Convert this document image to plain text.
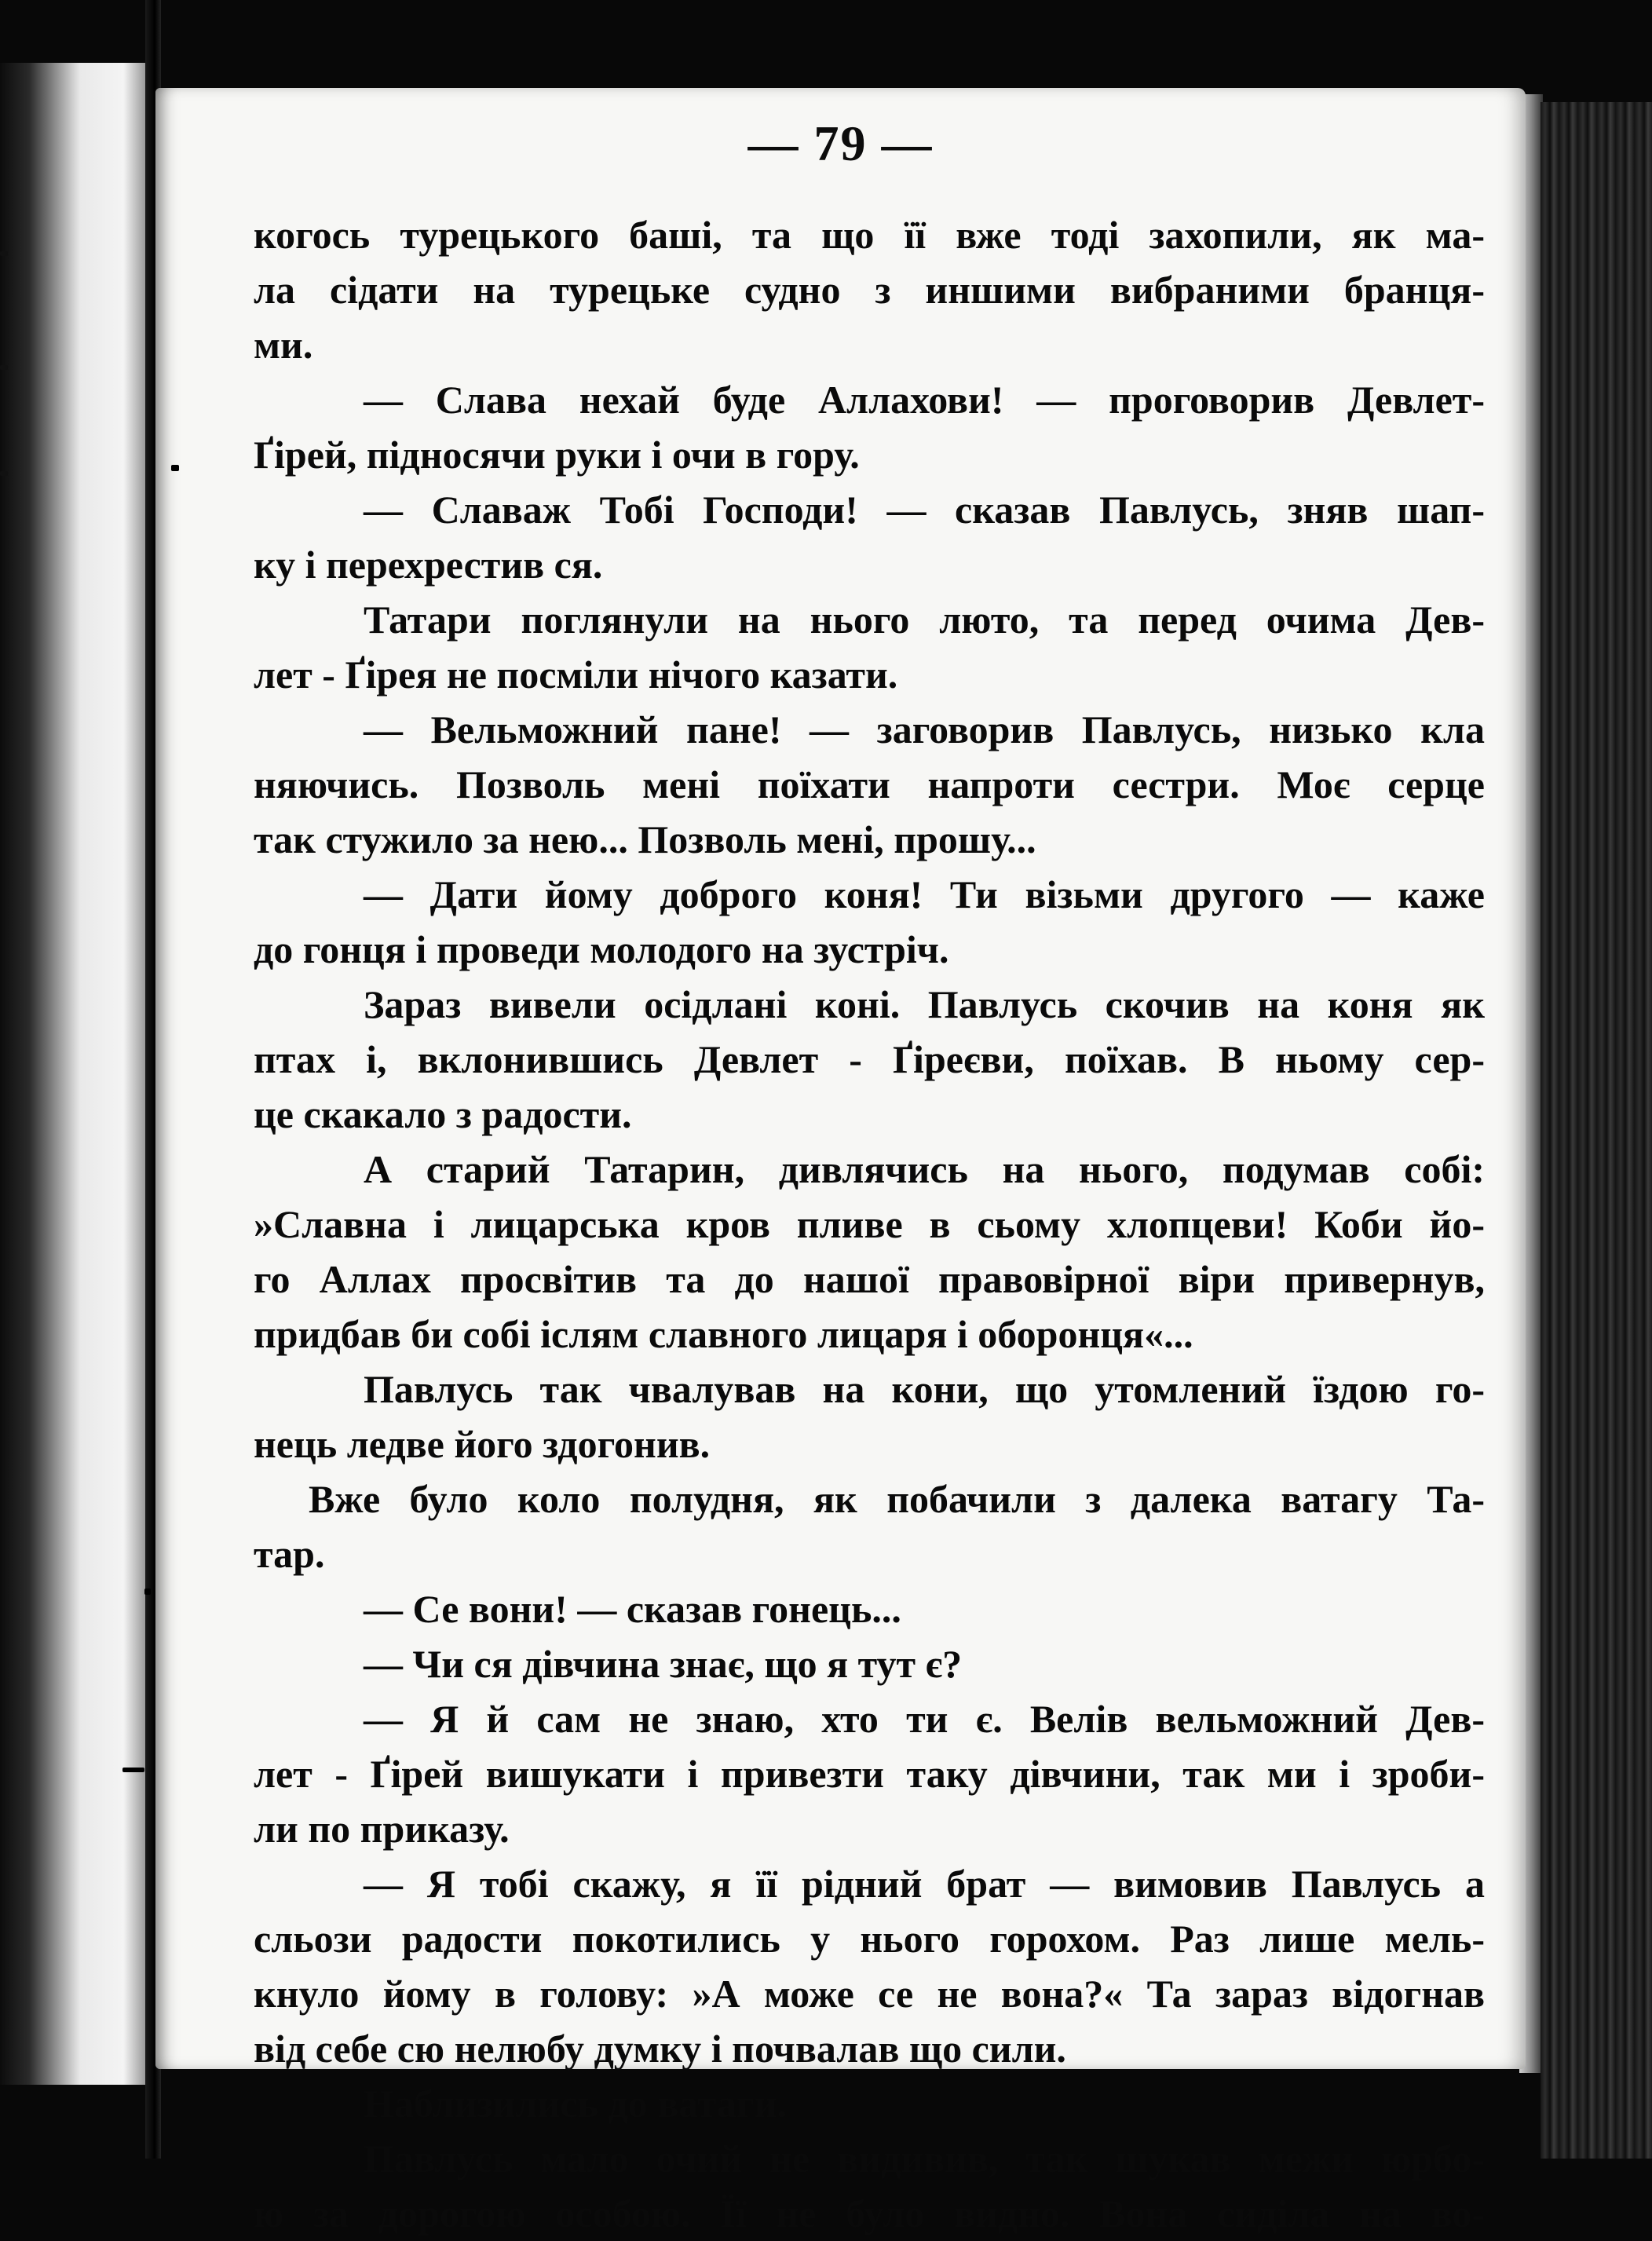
— 79 —
когось турецького баші, та що її вже тоді захопили, як ма-
ла сідати на турецьке судно з иншими вибраними бранця-
ми.
— Слава нехай буде Аллахови! — проговорив Девлет-
Ґірей, підносячи руки і очи в гору.
— Славаж Тобі Господи! — сказав Павлусь, зняв шап-
ку і перехрестив ся.
Татари поглянули на нього люто, та перед очима Дев-
лет - Ґірея не посміли нічого казати.
— Вельможний пане! — заговорив Павлусь, низько кла
няючись. Позволь мені поїхати напроти сестри. Моє серце
так стужило за нею... Позволь мені, прошу...
— Дати йому доброго коня! Ти візьми другого — каже
до гонця і проведи молодого на зустріч.
Зараз вивели осідлані коні. Павлусь скочив на коня як
птах і, вклонившись Девлет - Ґіреєви, поїхав. В ньому сер-
це скакало з радости.
А старий Татарин, дивлячись на нього, подумав собі:
»Славна і лицарська кров пливе в сьому хлопцеви! Коби йо-
го Аллах просвітив та до нашої правовірної віри привернув,
придбав би собі іслям славного лицаря і оборонця«...
Павлусь так чвалував на кони, що утомлений їздою го-
нець ледве його здогонив.
Вже було коло полудня, як побачили з далека ватагу Та-
тар.
— Се вони! — сказав гонець...
— Чи ся дівчина знає, що я тут є?
— Я й сам не знаю, хто ти є. Велів вельможний Дев-
лет - Ґірей вишукати і привезти таку дівчини, так ми і зроби-
ли по приказу.
— Я тобі скажу, я її рідний брат — вимовив Павлусь а
сльози радости покотились у нього горохом. Раз лише мель-
кнуло йому в голову: »А може се не вона?« Та зараз відогнав
від себе сю нелюбу думку і почвалав що сили.
Наблизились до ватаги.
Павлусь мало очий не видивив, так шукав межи юрбо-
ю за дорогою особою. Її не було видно. Вона сиділа на во-
